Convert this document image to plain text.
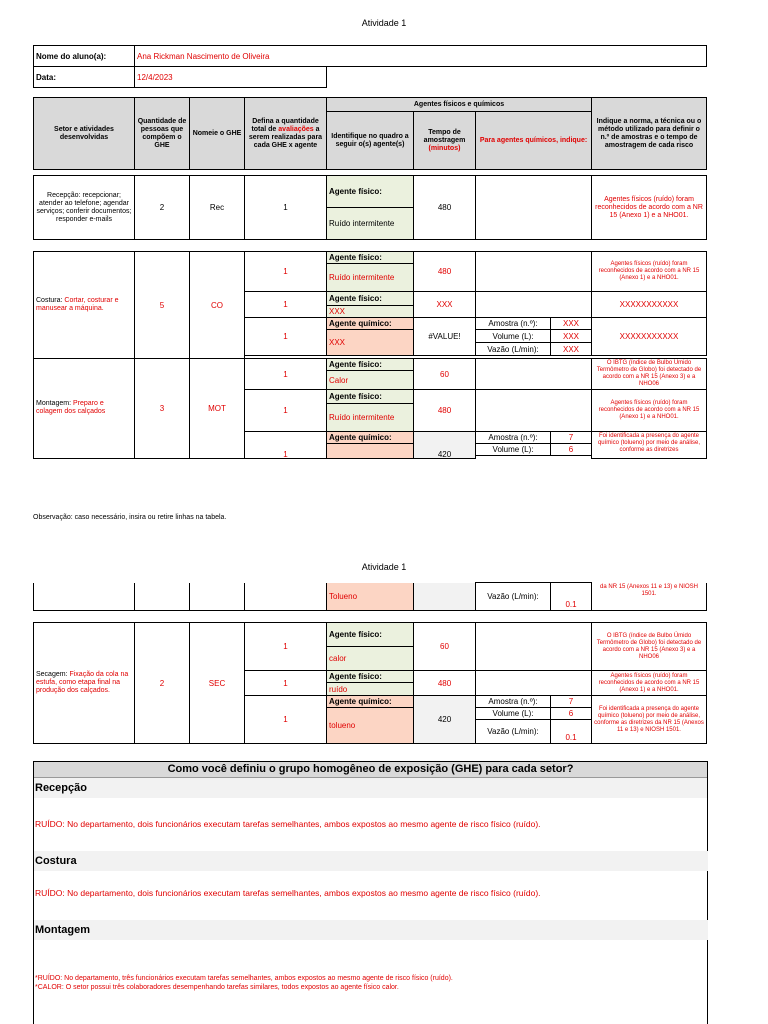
Atividade 1
Nome do aluno(a):	Ana Rickman Nascimento de Oliveira	
Data:	12/4/2023	
Setor e atividades desenvolvidas	Quantidade de pessoas que compõem o GHE	Nomeie o GHE	Defina a quantidade total de avaliações a serem realizadas para cada GHE x agente	Agentes físicos e químicos				Indique a norma, a técnica ou o método utilizado para definir o n.º de amostras e o tempo de amostragem de cada risco
				Identifique no quadro a seguir o(s) agente(s)	Tempo de amostragem
(minutos)	Para agentes químicos, indique:		

Recepção: recepcionar; atender ao telefone; agendar serviços; conferir documentos; responder e-mails	2	Rec	1	Agente físico:	480			Agentes físicos (ruído) foram reconhecidos de acordo com a NR 15 (Anexo 1) e a NHO01.
				Ruído intermitente				

Costura: Cortar, costurar e manusear a máquina.	5	CO	1	Agente físico:	480			Agentes físicos (ruído) foram reconhecidos de acordo com a NR 15 (Anexo 1) e a NHO01.
				Ruído intermitente				
			1	Agente físico:	XXX			XXXXXXXXXXX
				XXX				
			1	Agente químico:	#VALUE!	Amostra (n.º):	XXX	XXXXXXXXXXX
				XXX		Volume (L):	XXX	
						Vazão (L/min):	XXX	

Montagem: Preparo e colagem dos calçados	3	MOT	1	Agente físico:	60			O IBTG (índice de Bulbo Úmido Termômetro de Globo) foi detectado de acordo com a NR 15 (Anexo 3) e a NHO06
				Calor				
			1	Agente físico:	480			Agentes físicos (ruído) foram reconhecidos de acordo com a NR 15 (Anexo 1) e a NHO01.
				Ruído intermitente				
			1	Agente químico:	420	Amostra (n.º):	7	Foi identificada a presença do agente químico (tolueno) por meio de análise, conforme as diretrizes
						Volume (L):	6	

Observação: caso necessário, insira ou retire linhas na tabela.
Atividade 1
				Tolueno		Vazão (L/min):	0.1	da NR 15 (Anexos 11 e 13) e NIOSH 1501.

Secagem: Fixação da cola na estufa, como etapa final na produção dos calçados.	2	SEC	1	Agente físico:	60			O IBTG (índice de Bulbo Úmido Termômetro de Globo) foi detectado de acordo com a NR 15 (Anexo 3) e a NHO06
				calor				
			1	Agente físico:	480			Agentes físicos (ruído) foram reconhecidos de acordo com a NR 15 (Anexo 1) e a NHO01.
				ruído				
			1	Agente químico:	420	Amostra (n.º):	7	Foi identificada a presença do agente químico (tolueno) por meio de análise, conforme as diretrizes da NR 15 (Anexos 11 e 13) e NIOSH 1501.
				tolueno		Volume (L):	6	
						Vazão (L/min):	0.1	
Como você definiu o grupo homogêneo de exposição (GHE) para cada setor?
Recepção
RUÍDO: No departamento, dois funcionários executam tarefas semelhantes, ambos expostos ao mesmo agente de risco físico (ruído).
Costura
RUÍDO: No departamento, dois funcionários executam tarefas semelhantes, ambos expostos ao mesmo agente de risco físico (ruído).
Montagem
*RUÍDO: No departamento, três funcionários executam tarefas semelhantes, ambos expostos ao mesmo agente de risco físico (ruído).
*CALOR: O setor possui três colaboradores desempenhando tarefas similares, todos expostos ao agente físico calor.
